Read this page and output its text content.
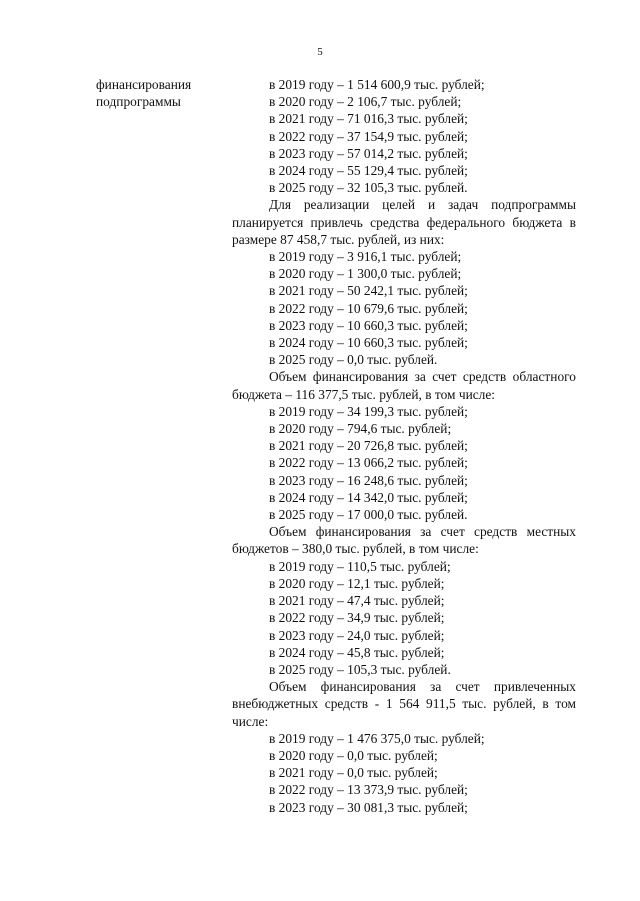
5
финансирования
подпрограммы
в 2019 году – 1 514 600,9 тыс. рублей;
в 2020 году – 2 106,7 тыс. рублей;
в 2021 году – 71 016,3 тыс. рублей;
в 2022 году – 37 154,9 тыс. рублей;
в 2023 году – 57 014,2 тыс. рублей;
в 2024 году – 55 129,4 тыс. рублей;
в 2025 году – 32 105,3 тыс. рублей.
Для реализации целей и задач подпрограммы планируется привлечь средства федерального бюджета в размере 87 458,7 тыс. рублей, из них:
в 2019 году – 3 916,1 тыс. рублей;
в 2020 году – 1 300,0 тыс. рублей;
в 2021 году – 50 242,1 тыс. рублей;
в 2022 году – 10 679,6 тыс. рублей;
в 2023 году – 10 660,3 тыс. рублей;
в 2024 году – 10 660,3 тыс. рублей;
в 2025 году – 0,0 тыс. рублей.
Объем финансирования за счет средств областного бюджета – 116 377,5 тыс. рублей, в том числе:
в 2019 году – 34 199,3 тыс. рублей;
в 2020 году – 794,6 тыс. рублей;
в 2021 году – 20 726,8 тыс. рублей;
в 2022 году – 13 066,2 тыс. рублей;
в 2023 году – 16 248,6 тыс. рублей;
в 2024 году – 14 342,0 тыс. рублей;
в 2025 году – 17 000,0 тыс. рублей.
Объем финансирования за счет средств местных бюджетов – 380,0 тыс. рублей, в том числе:
в 2019 году – 110,5 тыс. рублей;
в 2020 году – 12,1 тыс. рублей;
в 2021 году – 47,4 тыс. рублей;
в 2022 году – 34,9 тыс. рублей;
в 2023 году – 24,0 тыс. рублей;
в 2024 году – 45,8 тыс. рублей;
в 2025 году – 105,3 тыс. рублей.
Объем финансирования за счет привлеченных внебюджетных средств - 1 564 911,5 тыс. рублей, в том числе:
в 2019 году – 1 476 375,0 тыс. рублей;
в 2020 году – 0,0 тыс. рублей;
в 2021 году – 0,0 тыс. рублей;
в 2022 году – 13 373,9 тыс. рублей;
в 2023 году – 30 081,3 тыс. рублей;
